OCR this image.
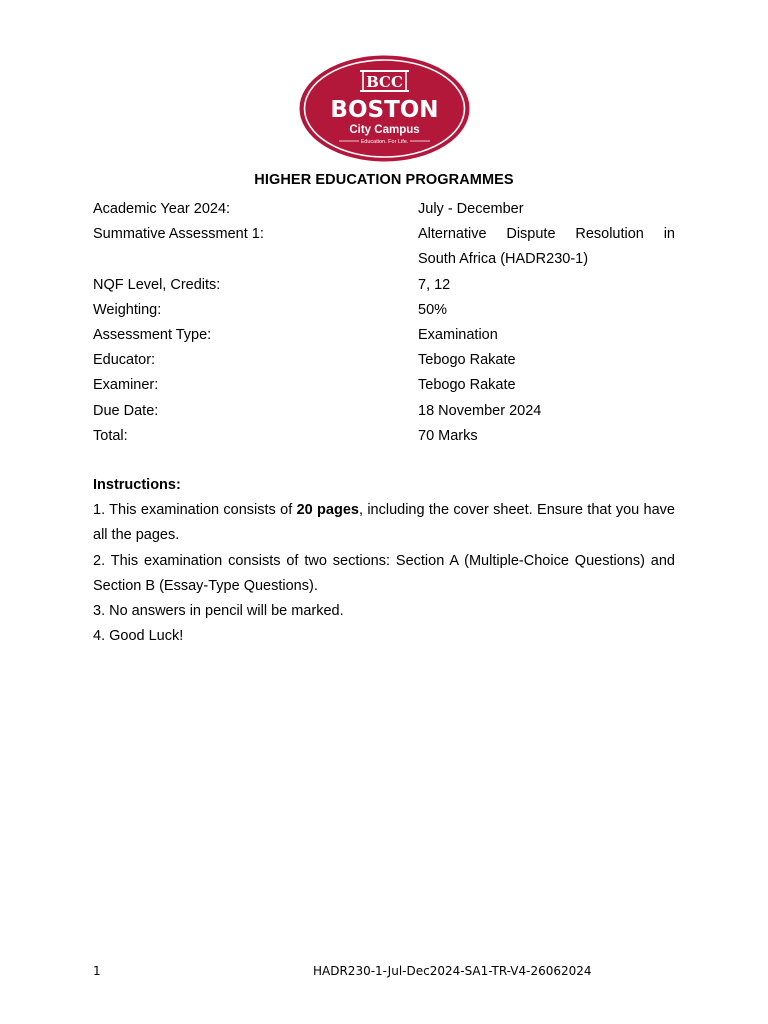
BCC
BOSTON
City Campus
Education. For Life.
HIGHER EDUCATION PROGRAMMES
Academic Year 2024:	July - December
Summative Assessment 1:	Alternative Dispute Resolution in
South Africa (HADR230-1)
NQF Level, Credits:	7, 12
Weighting:	50%
Assessment Type:	Examination
Educator:	Tebogo Rakate
Examiner:	Tebogo Rakate
Due Date:	18 November 2024
Total:	70 Marks
Instructions:

1. This examination consists of 20 pages, including the cover sheet. Ensure that you have all the pages.

2. This examination consists of two sections: Section A (Multiple-Choice Questions) and Section B (Essay-Type Questions).

3. No answers in pencil will be marked.

4. Good Luck!

1	HADR230-1-Jul-Dec2024-SA1-TR-V4-26062024
